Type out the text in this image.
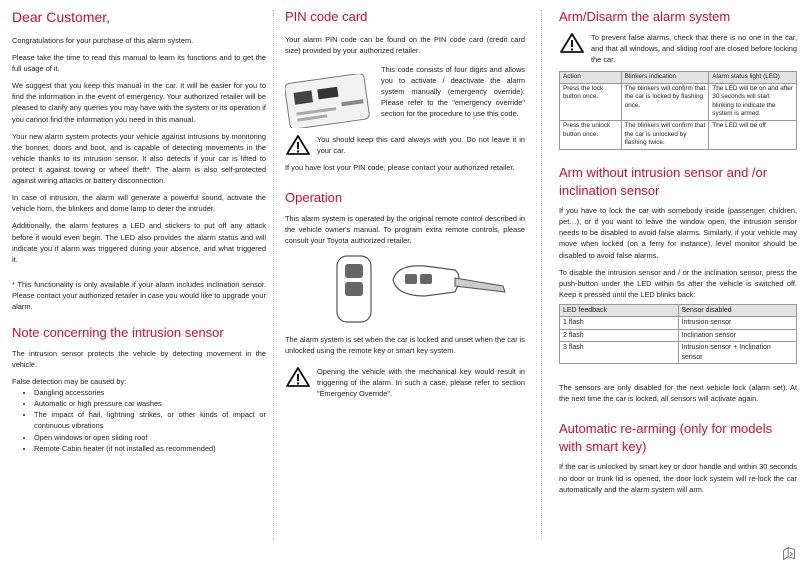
Dear Customer,

Congratulations for your purchase of this alarm system.

Please take the time to read this manual to learn its functions and to get the full usage of it.

We suggest that you keep this manual in the car. It will be easier for you to find the information in the event of emergency. Your authorized retailer will be pleased to clarify any queries you may have with the system or its operation if you cannot find the information you need in this manual.

Your new alarm system protects your vehicle against intrusions by monitoring the bonnet, doors and boot, and is capable of detecting movements in the vehicle thanks to its intrusion sensor. It also detects if your car is lifted to protect it against towing or wheel theft*. The alarm is also self-protected against wiring attacks or battery disconnection.

In case of intrusion, the alarm will generate a powerful sound, activate the vehicle horn, the blinkers and dome lamp to deter the intruder.

Additionally, the alarm features a LED and stickers to put off any attack before it would even begin. The LED also provides the alarm status and will indicate you if alarm was triggered during your absence, and what triggered it.

* This functionality is only available if your alarm includes inclination sensor. Please contact your authorized retailer in case you would like to upgrade your alarm.

Note concerning the intrusion sensor

The intrusion sensor protects the vehicle by detecting movement in the vehicle.

False detection may be caused by:

• Dangling accessories
• Automatic or high pressure car washes
• The impact of hail, lightning strikes, or other kinds of impact or continuous vibrations
• Open windows or open sliding roof
• Remote Cabin heater (if not installed as recommended)
PIN code card

Your alarm PIN code can be found on the PIN code card (credit card size) provided by your authorized retailer.

This code consists of four digits and allows you to activate / deactivate the alarm system manually (emergency override). Please refer to the "emergency override" section for the procedure to use this code.

You should keep this card always with you. Do not leave it in your car.

If you have lost your PIN code, please contact your authorized retailer.

Operation

This alarm system is operated by the original remote control described in the vehicle owner's manual. To program extra remote controls, please consult your Toyota authorized retailer.

The alarm system is set when the car is locked and unset when the car is unlocked using the remote key or smart key system.

Opening the vehicle with the mechanical key would result in triggering of the alarm. In such a case, please refer to section "Emergency Override".

Arm/Disarm the alarm system

To prevent false alarms, check that there is no one in the car, and that all windows, and sliding roof are closed before locking the car.

Action	Blinkers indication	Alarm status light (LED)
Press the lock button once.	The blinkers will confirm that the car is locked by flashing once.	The LED will be on and after 30 seconds will start blinking to indicate the system is armed.
Press the unlock button once.	The blinkers will confirm that the car is unlocked by flashing twice.	The LED will be off.
Arm without intrusion sensor and /or inclination sensor

If you have to lock the car with somebody inside (passenger, children, pet…), or if you want to leave the window open, the intrusion sensor needs to be disabled to avoid false alarms. Similarly, if your vehicle may move when locked (on a ferry for instance), level monitor should be disabled to avoid false alarms.

To disable the intrusion sensor and / or the inclination sensor, press the push-button under the LED within 5s after the vehicle is switched off. Keep it pressed until the LED blinks back:

LED feedback	Sensor disabled
1 flash	Intrusion sensor
2 flash	Inclination sensor
3 flash	Intrusion sensor + Inclination sensor

The sensors are only disabled for the next vehicle lock (alarm set). At the next time the car is locked, all sensors will activate again.

Automatic re-arming (only for models with smart key)

If the car is unlocked by smart key or door handle and within 30 seconds no door or trunk lid is opened, the door lock system will re-lock the car automatically and the alarm system will arm.
